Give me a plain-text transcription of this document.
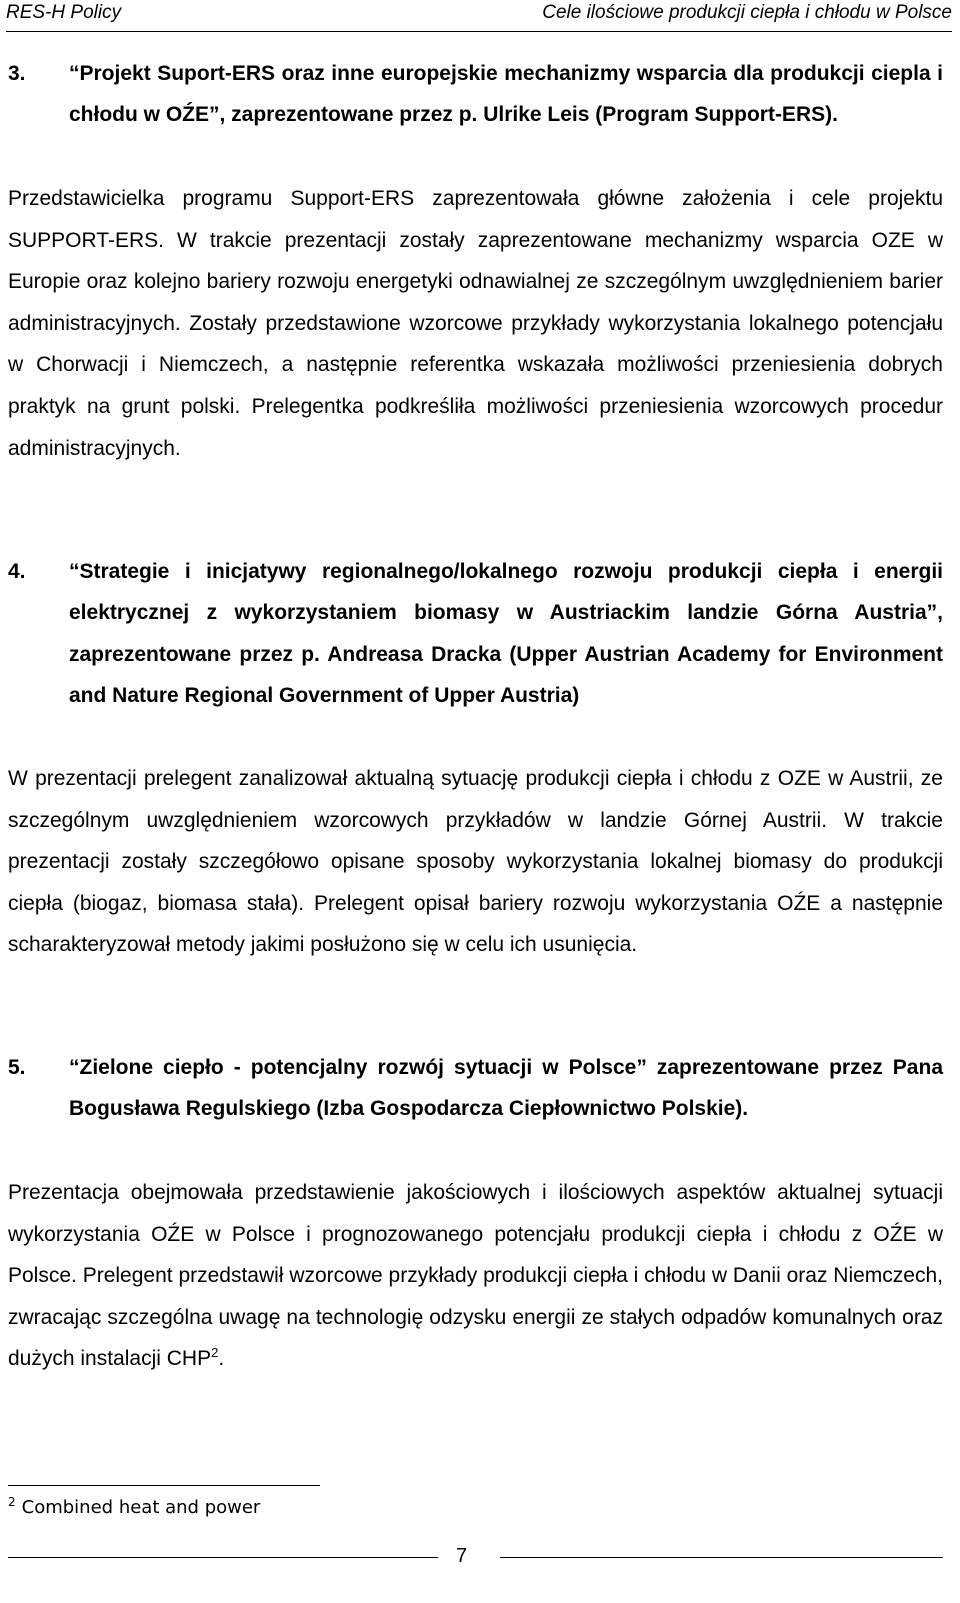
RES-H Policy	Cele ilościowe produkcji ciepła i chłodu w Polsce
3. “Projekt Suport-ERS oraz inne europejskie mechanizmy wsparcia dla produkcji ciepla i chłodu w OŹE”, zaprezentowane przez p. Ulrike Leis (Program Support-ERS).
Przedstawicielka programu Support-ERS zaprezentowała główne założenia i cele projektu SUPPORT-ERS. W trakcie prezentacji zostały zaprezentowane mechanizmy wsparcia OZE w Europie oraz kolejno bariery rozwoju energetyki odnawialnej ze szczególnym uwzględnieniem barier administracyjnych. Zostały przedstawione wzorcowe przykłady wykorzystania lokalnego potencjału w Chorwacji i Niemczech, a następnie referentka wskazała możliwości przeniesienia dobrych praktyk na grunt polski. Prelegentka podkreśliła możliwości przeniesienia wzorcowych procedur administracyjnych.
4. “Strategie i inicjatywy regionalnego/lokalnego rozwoju produkcji ciepła i energii elektrycznej z wykorzystaniem biomasy w Austriackim landzie Górna Austria”, zaprezentowane przez p. Andreasa Dracka (Upper Austrian Academy for Environment and Nature Regional Government of Upper Austria)
W prezentacji prelegent zanalizował aktualną sytuację produkcji ciepła i chłodu z OZE w Austrii, ze szczególnym uwzględnieniem wzorcowych przykładów w landzie Górnej Austrii. W trakcie prezentacji zostały szczegółowo opisane sposoby wykorzystania lokalnej biomasy do produkcji ciepła (biogaz, biomasa stała). Prelegent opisał bariery rozwoju wykorzystania OŹE a następnie scharakteryzował metody jakimi posłużono się w celu ich usunięcia.
5. “Zielone ciepło - potencjalny rozwój sytuacji w Polsce” zaprezentowane przez Pana Bogusława Regulskiego (Izba Gospodarcza Ciepłownictwo Polskie).
Prezentacja obejmowała przedstawienie jakościowych i ilościowych aspektów aktualnej sytuacji wykorzystania OŹE w Polsce i prognozowanego potencjału produkcji ciepła i chłodu z OŹE w Polsce. Prelegent przedstawił wzorcowe przykłady produkcji ciepła i chłodu w Danii oraz Niemczech, zwracając szczególna uwagę na technologię odzysku energii ze stałych odpadów komunalnych oraz dużych instalacji CHP$^2$.
$^2$ Combined heat and power
7
